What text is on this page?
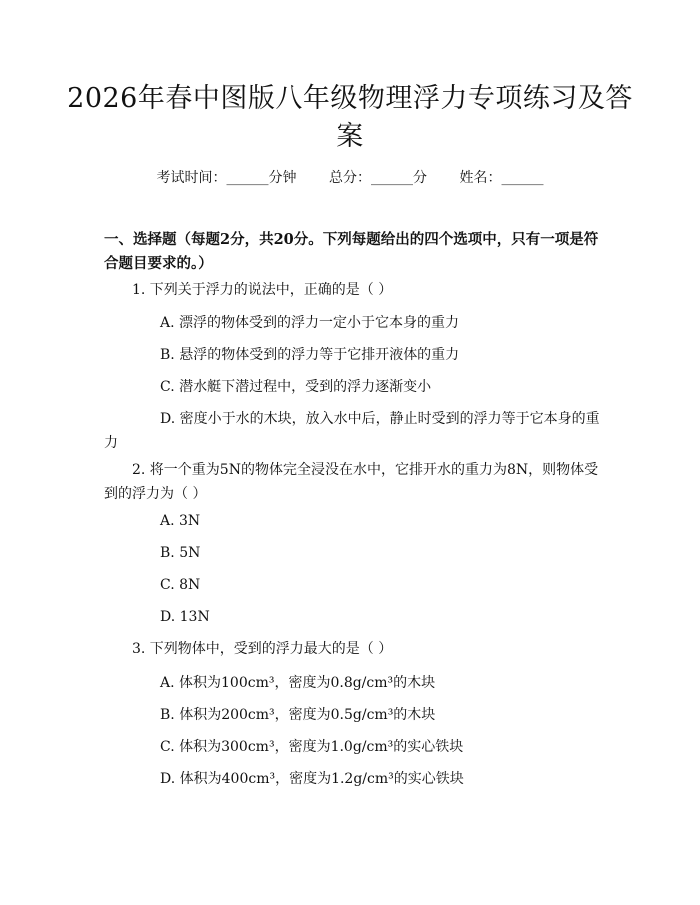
2026年春中图版八年级物理浮力专项练习及答案
考试时间：______分钟 总分：______分 姓名：______
一、选择题（每题2分，共20分。下列每题给出的四个选项中，只有一项是符合题目要求的。）
1. 下列关于浮力的说法中，正确的是（ ）
A. 漂浮的物体受到的浮力一定小于它本身的重力
B. 悬浮的物体受到的浮力等于它排开液体的重力
C. 潜水艇下潜过程中，受到的浮力逐渐变小
D. 密度小于水的木块，放入水中后，静止时受到的浮力等于它本身的重力
2. 将一个重为5N的物体完全浸没在水中，它排开水的重力为8N，则物体受到的浮力为（ ）
A. 3N
B. 5N
C. 8N
D. 13N
3. 下列物体中，受到的浮力最大的是（ ）
A. 体积为100cm³，密度为0.8g/cm³的木块
B. 体积为200cm³，密度为0.5g/cm³的木块
C. 体积为300cm³，密度为1.0g/cm³的实心铁块
D. 体积为400cm³，密度为1.2g/cm³的实心铁块
